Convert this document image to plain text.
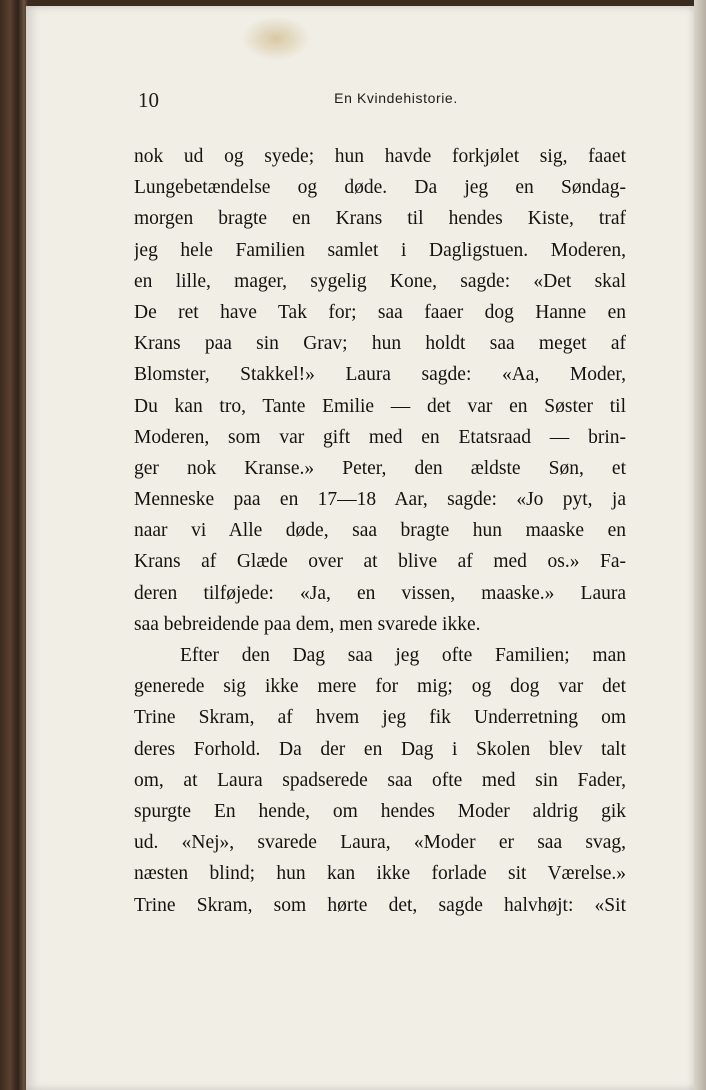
10	En Kvindehistorie.
nok ud og syede; hun havde forkjølet sig, faaet
Lungebetændelse og døde. Da jeg en Søndag-
morgen bragte en Krans til hendes Kiste, traf
jeg hele Familien samlet i Dagligstuen. Moderen,
en lille, mager, sygelig Kone, sagde: «Det skal
De ret have Tak for; saa faaer dog Hanne en
Krans paa sin Grav; hun holdt saa meget af
Blomster, Stakkel!» Laura sagde: «Aa, Moder,
Du kan tro, Tante Emilie — det var en Søster til
Moderen, som var gift med en Etatsraad — brin-
ger nok Kranse.» Peter, den ældste Søn, et
Menneske paa en 17—18 Aar, sagde: «Jo pyt, ja
naar vi Alle døde, saa bragte hun maaske en
Krans af Glæde over at blive af med os.» Fa-
deren tilføjede: «Ja, en vissen, maaske.» Laura
saa bebreidende paa dem, men svarede ikke.
Efter den Dag saa jeg ofte Familien; man
generede sig ikke mere for mig; og dog var det
Trine Skram, af hvem jeg fik Underretning om
deres Forhold. Da der en Dag i Skolen blev talt
om, at Laura spadserede saa ofte med sin Fader,
spurgte En hende, om hendes Moder aldrig gik
ud. «Nej», svarede Laura, «Moder er saa svag,
næsten blind; hun kan ikke forlade sit Værelse.»
Trine Skram, som hørte det, sagde halvhøjt: «Sit
